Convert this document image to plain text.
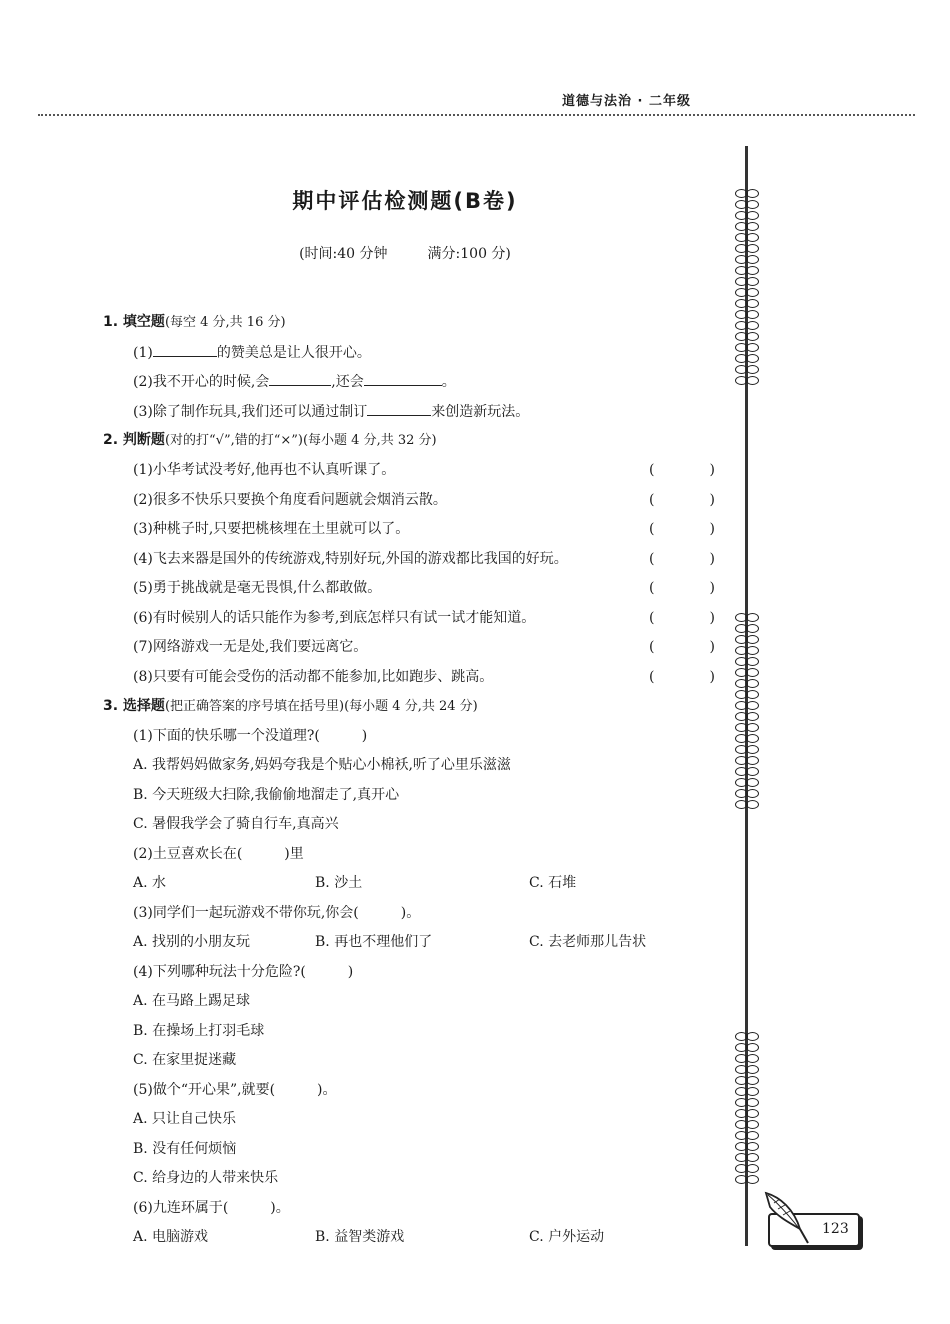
道德与法治 · 二年级
期中评估检测题(B卷)
(时间:40 分钟	满分:100 分)
1. 填空题(每空 4 分,共 16 分)
(1)	的赞美总是让人很开心。
(2)我不开心的时候,会	,还会	。
(3)除了制作玩具,我们还可以通过制订	来创造新玩法。
2. 判断题(对的打“√”,错的打“×”)(每小题 4 分,共 32 分)
(1)小华考试没考好,他再也不认真听课了。	(	)
(2)很多不快乐只要换个角度看问题就会烟消云散。	(	)
(3)种桃子时,只要把桃核埋在土里就可以了。	(	)
(4)飞去来器是国外的传统游戏,特别好玩,外国的游戏都比我国的好玩。	(	)
(5)勇于挑战就是毫无畏惧,什么都敢做。	(	)
(6)有时候别人的话只能作为参考,到底怎样只有试一试才能知道。	(	)
(7)网络游戏一无是处,我们要远离它。	(	)
(8)只要有可能会受伤的活动都不能参加,比如跑步、跳高。	(	)
3. 选择题(把正确答案的序号填在括号里)(每小题 4 分,共 24 分)
(1)下面的快乐哪一个没道理?(　　　)
A. 我帮妈妈做家务,妈妈夸我是个贴心小棉袄,听了心里乐滋滋
B. 今天班级大扫除,我偷偷地溜走了,真开心
C. 暑假我学会了骑自行车,真高兴
(2)土豆喜欢长在(　　　)里
A. 水	B. 沙土	C. 石堆
(3)同学们一起玩游戏不带你玩,你会(　　　)。
A. 找别的小朋友玩	B. 再也不理他们了	C. 去老师那儿告状
(4)下列哪种玩法十分危险?(　　　)
A. 在马路上踢足球
B. 在操场上打羽毛球
C. 在家里捉迷藏
(5)做个“开心果”,就要(　　　)。
A. 只让自己快乐
B. 没有任何烦恼
C. 给身边的人带来快乐
(6)九连环属于(　　　)。
A. 电脑游戏	B. 益智类游戏	C. 户外运动	123
